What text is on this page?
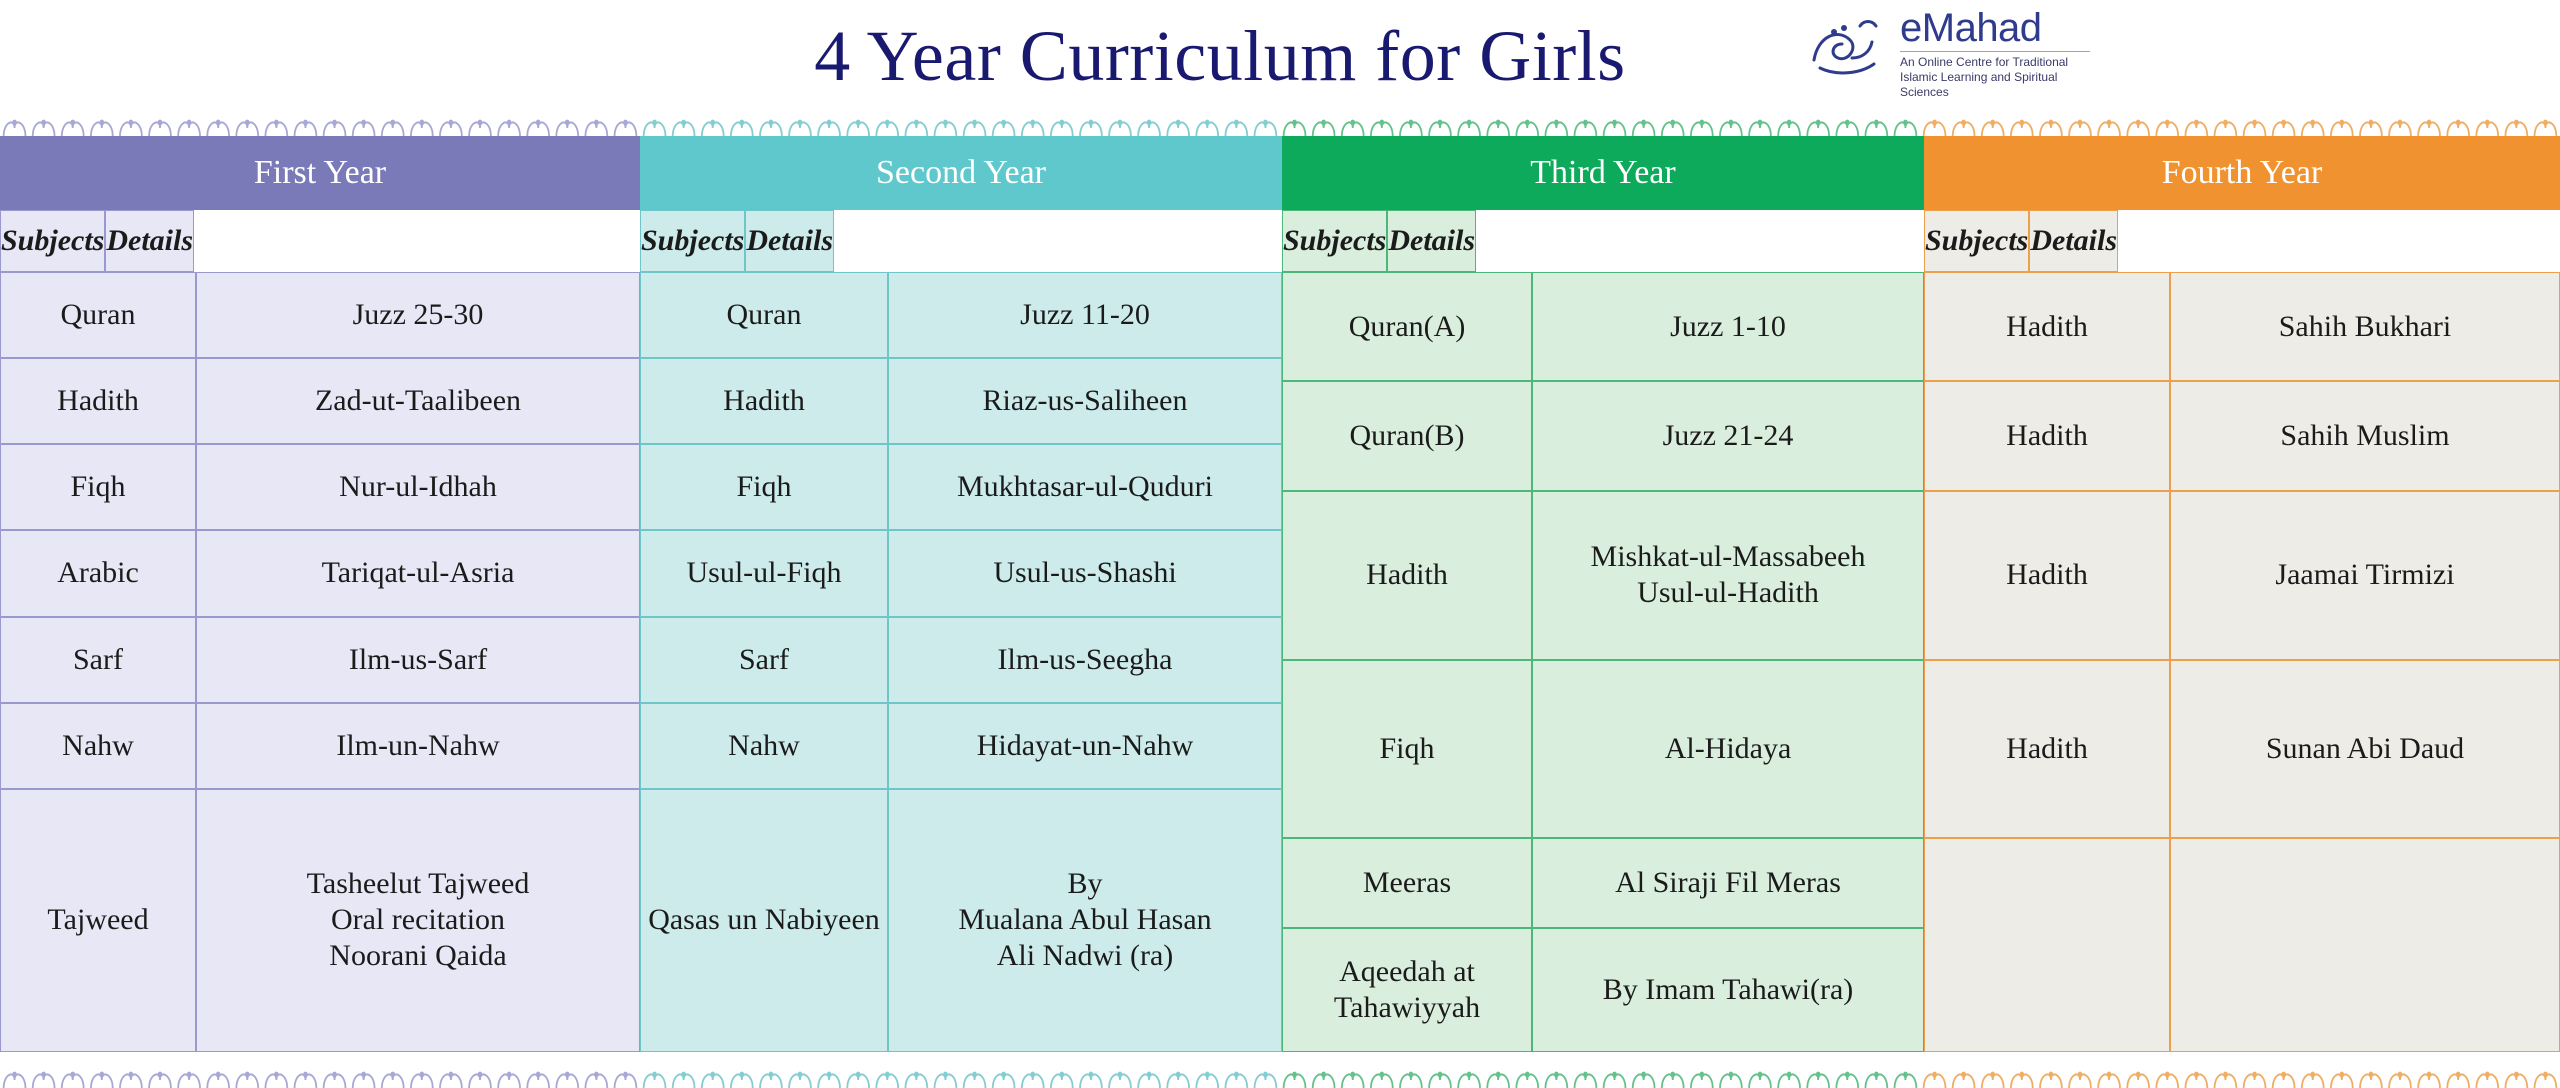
4 Year Curriculum for Girls	eMahad
An Online Centre for Traditional Islamic Learning and Spiritual Sciences
First Year
Subjects Details
Quran
Hadith
Fiqh
Arabic
Sarf
Nahw
Tajweed
Juzz 25-30
Zad-ut-Taalibeen
Nur-ul-Idhah
Tariqat-ul-Asria
Ilm-us-Sarf
Ilm-un-Nahw
Tasheelut Tajweed
Oral recitation
Noorani Qaida
Second Year
Subjects Details
Quran
Hadith
Fiqh
Usul-ul-Fiqh
Sarf
Nahw
Qasas un Nabiyeen
Juzz 11-20
Riaz-us-Saliheen
Mukhtasar-ul-Quduri
Usul-us-Shashi
Ilm-us-Seegha
Hidayat-un-Nahw
By
Mualana Abul Hasan
Ali Nadwi (ra)
Third Year
Subjects Details
Quran(A)
Quran(B)
Hadith
Fiqh
Meeras
Aqeedah at Tahawiyyah
Juzz 1-10
Juzz 21-24
Mishkat-ul-Massabeeh
Usul-ul-Hadith
Al-Hidaya
Al Siraji Fil Meras
By Imam Tahawi(ra)
Fourth Year
Subjects Details
Hadith
Hadith
Hadith
Hadith
Sahih Bukhari
Sahih Muslim
Jaamai Tirmizi
Sunan Abi Daud
